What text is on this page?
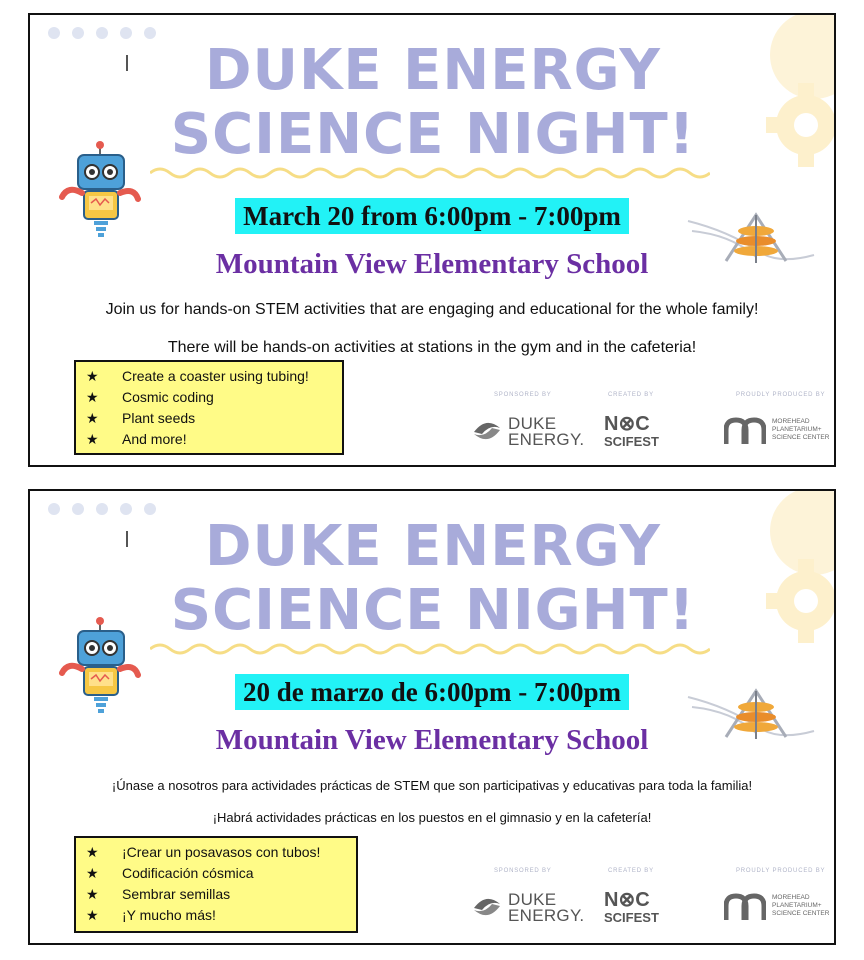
DUKE ENERGY
SCIENCE NIGHT!
March 20 from 6:00pm - 7:00pm
Mountain View Elementary School
Join us for hands-on STEM activities that are engaging and educational for the whole family!
There will be hands-on activities at stations in the gym and in the cafeteria!
★ Create a coaster using tubing!
★ Cosmic coding
★ Plant seeds
★ And more!
SPONSORED BY	CREATED BY	PROUDLY PRODUCED BY
DUKE
ENERGY.
N⊗C
SCIFEST
MOREHEAD
PLANETARIUM+
SCIENCE CENTER
DUKE ENERGY
SCIENCE NIGHT!
20 de marzo de 6:00pm - 7:00pm
Mountain View Elementary School
¡Únase a nosotros para actividades prácticas de STEM que son participativas y educativas para toda la familia!
¡Habrá actividades prácticas en los puestos en el gimnasio y en la cafetería!
★ ¡Crear un posavasos con tubos!
★ Codificación cósmica
★ Sembrar semillas
★ ¡Y mucho más!
SPONSORED BY	CREATED BY	PROUDLY PRODUCED BY
DUKE
ENERGY.
N⊗C
SCIFEST
MOREHEAD
PLANETARIUM+
SCIENCE CENTER
